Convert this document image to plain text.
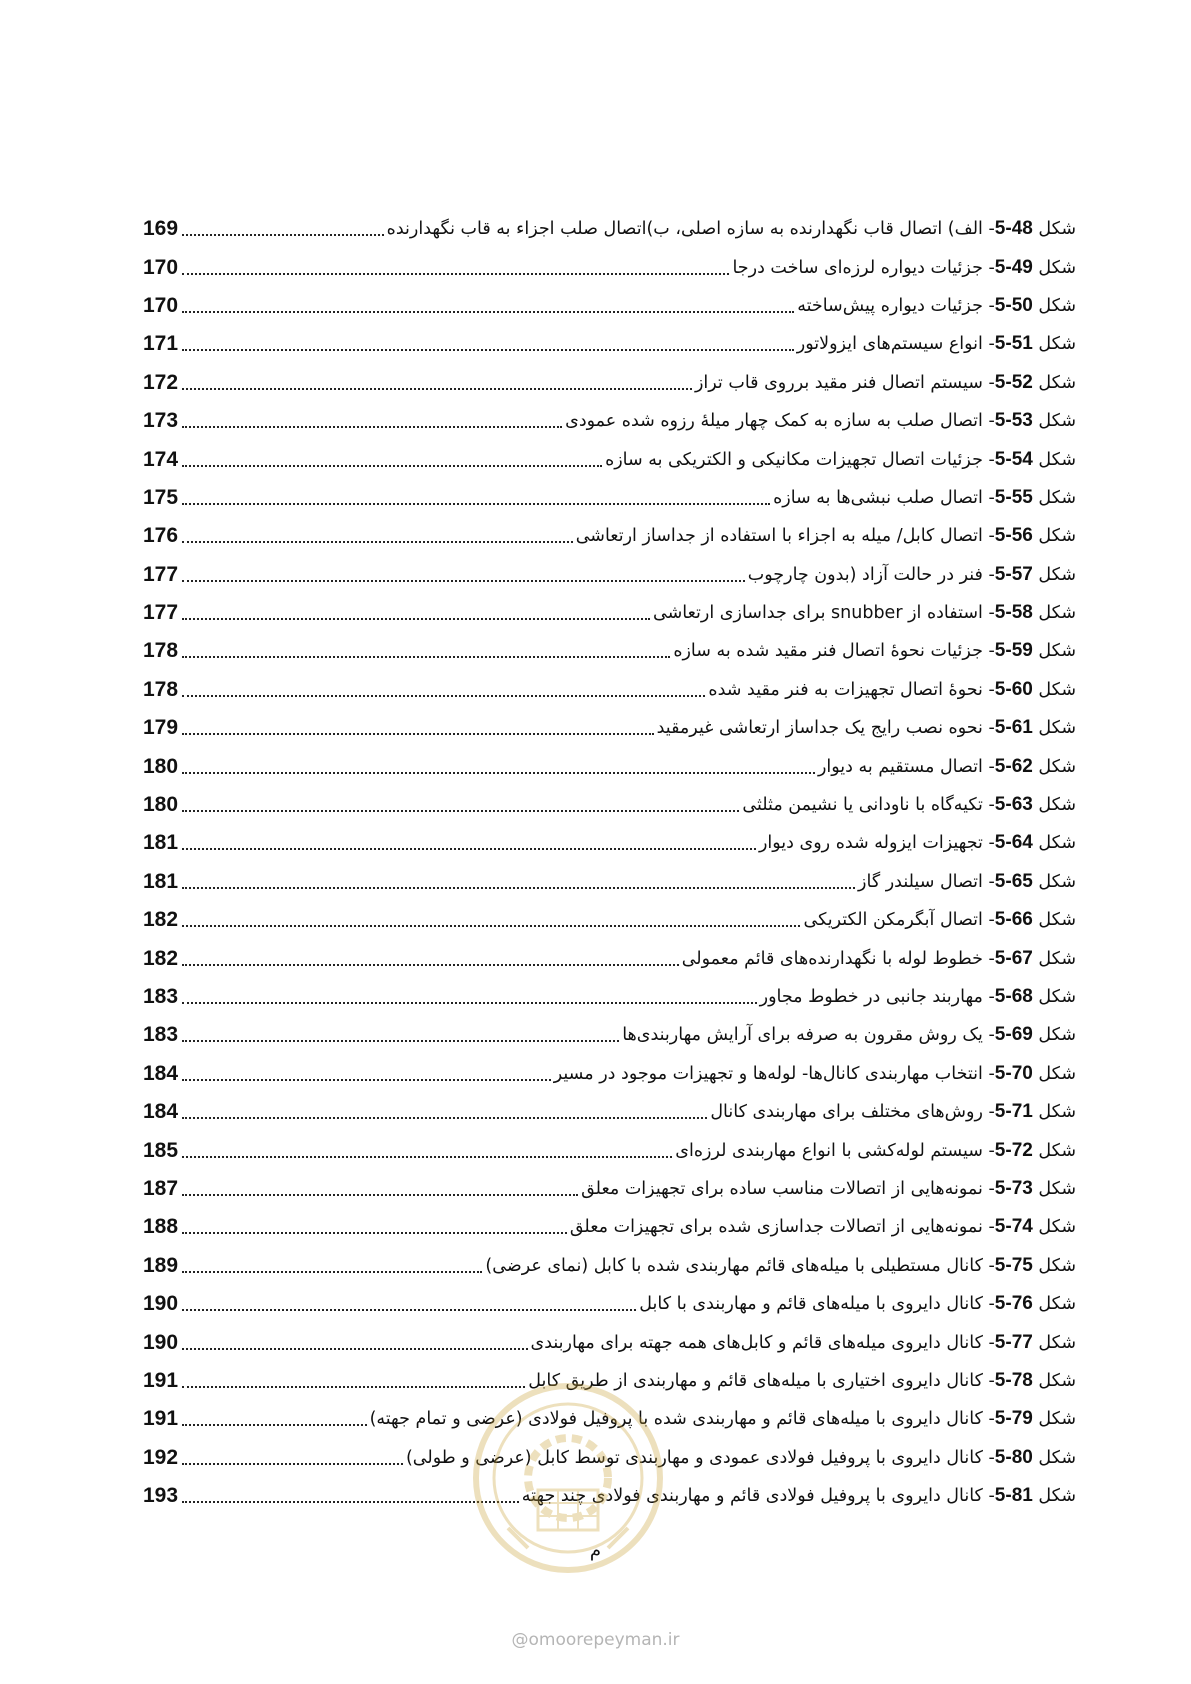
169	شکل 5-48- الف) اتصال قاب نگهدارنده به سازه اصلی، ب)اتصال صلب اجزاء به قاب نگهدارنده
170	شکل 5-49- جزئیات دیواره لرزه‌ای ساخت درجا
170	شکل 5-50- جزئیات دیواره پیش‌ساخته
171	شکل 5-51- انواع سیستم‌های ایزولاتور
172	شکل 5-52- سیستم اتصال فنر مقید برروی قاب تراز
173	شکل 5-53- اتصال صلب به سازه به کمک چهار میلهٔ رزوه شده عمودی
174	شکل 5-54- جزئیات اتصال تجهیزات مکانیکی و الکتریکی به سازه
175	شکل 5-55- اتصال صلب نبشی‌ها به سازه
176	شکل 5-56- اتصال کابل/ میله به اجزاء با استفاده از جداساز ارتعاشی
177	شکل 5-57- فنر در حالت آزاد (بدون چارچوب
177	شکل 5-58- استفاده از snubber برای جداسازی ارتعاشی
178	شکل 5-59- جزئیات نحوهٔ اتصال فنر مقید شده به سازه
178	شکل 5-60- نحوهٔ اتصال تجهیزات به فنر مقید شده
179	شکل 5-61- نحوه نصب رایج یک جداساز ارتعاشی غیرمقید
180	شکل 5-62- اتصال مستقیم به دیوار
180	شکل 5-63- تکیه‌گاه با ناودانی یا نشیمن مثلثی
181	شکل 5-64- تجهیزات ایزوله شده روی دیوار
181	شکل 5-65- اتصال سیلندر گاز
182	شکل 5-66- اتصال آبگرمکن الکتریکی
182	شکل 5-67- خطوط لوله با نگهدارنده‌های قائم معمولی
183	شکل 5-68- مهاربند جانبی در خطوط مجاور
183	شکل 5-69- یک روش مقرون به صرفه برای آرایش مهاربندی‌ها
184	شکل 5-70- انتخاب مهاربندی کانال‌ها- لوله‌ها و تجهیزات موجود در مسیر
184	شکل 5-71- روش‌های مختلف برای مهاربندی کانال
185	شکل 5-72- سیستم لوله‌کشی با انواع مهاربندی لرزه‌ای
187	شکل 5-73- نمونه‌هایی از اتصالات مناسب ساده برای تجهیزات معلق
188	شکل 5-74- نمونه‌هایی از اتصالات جداسازی شده برای تجهیزات معلق
189	شکل 5-75- کانال مستطیلی با میله‌های قائم مهاربندی شده با کابل (نمای عرضی)
190	شکل 5-76- کانال دایروی با میله‌های قائم و مهاربندی با کابل
190	شکل 5-77- کانال دایروی میله‌های قائم و کابل‌های همه جهته برای مهاربندی
191	شکل 5-78- کانال دایروی اختیاری با میله‌های قائم و مهاربندی از طریق کابل
191	شکل 5-79- کانال دایروی با میله‌های قائم و مهاربندی شده با پروفیل فولادی (عرضی و تمام جهته)
192	شکل 5-80- کانال دایروی با پروفیل فولادی عمودی و مهاربندی توسط کابل (عرضی و طولی)
193	شکل 5-81- کانال دایروی با پروفیل فولادی قائم و مهاربندی فولادی چند جهته
م
@omoorepeyman.ir
